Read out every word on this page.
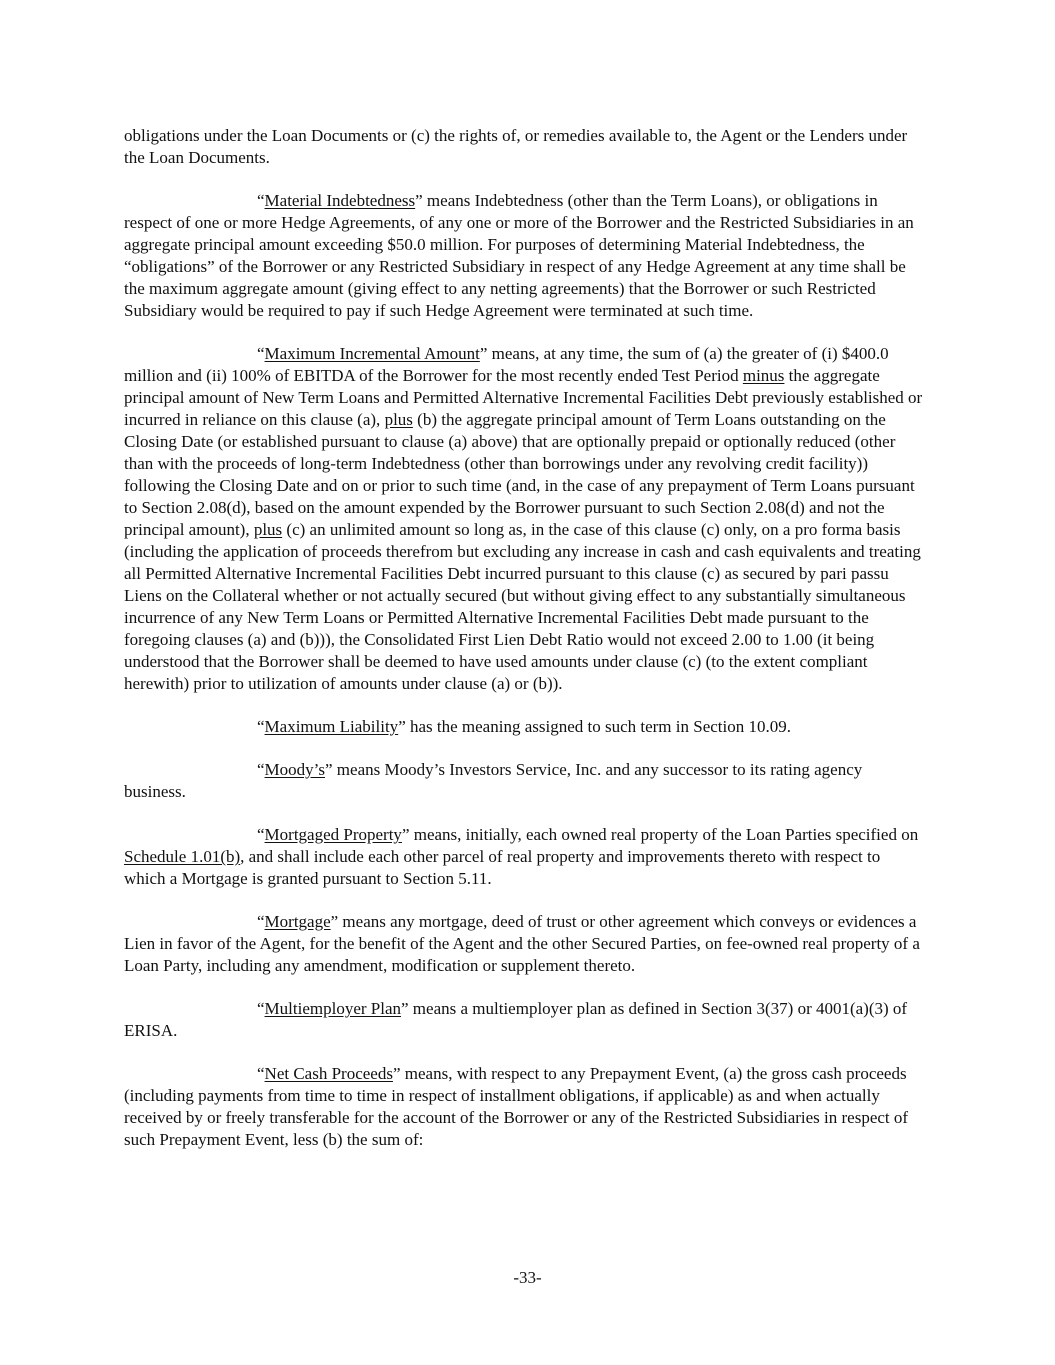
obligations under the Loan Documents or (c) the rights of, or remedies available to, the Agent or the Lenders under the Loan Documents.

“Material Indebtedness” means Indebtedness (other than the Term Loans), or obligations in respect of one or more Hedge Agreements, of any one or more of the Borrower and the Restricted Subsidiaries in an aggregate principal amount exceeding $50.0 million. For purposes of determining Material Indebtedness, the “obligations” of the Borrower or any Restricted Subsidiary in respect of any Hedge Agreement at any time shall be the maximum aggregate amount (giving effect to any netting agreements) that the Borrower or such Restricted Subsidiary would be required to pay if such Hedge Agreement were terminated at such time.

“Maximum Incremental Amount” means, at any time, the sum of (a) the greater of (i) $400.0 million and (ii) 100% of EBITDA of the Borrower for the most recently ended Test Period minus the aggregate principal amount of New Term Loans and Permitted Alternative Incremental Facilities Debt previously established or incurred in reliance on this clause (a), plus (b) the aggregate principal amount of Term Loans outstanding on the Closing Date (or established pursuant to clause (a) above) that are optionally prepaid or optionally reduced (other than with the proceeds of long-term Indebtedness (other than borrowings under any revolving credit facility)) following the Closing Date and on or prior to such time (and, in the case of any prepayment of Term Loans pursuant to Section 2.08(d), based on the amount expended by the Borrower pursuant to such Section 2.08(d) and not the principal amount), plus (c) an unlimited amount so long as, in the case of this clause (c) only, on a pro forma basis (including the application of proceeds therefrom but excluding any increase in cash and cash equivalents and treating all Permitted Alternative Incremental Facilities Debt incurred pursuant to this clause (c) as secured by pari passu Liens on the Collateral whether or not actually secured (but without giving effect to any substantially simultaneous incurrence of any New Term Loans or Permitted Alternative Incremental Facilities Debt made pursuant to the foregoing clauses (a) and (b))), the Consolidated First Lien Debt Ratio would not exceed 2.00 to 1.00 (it being understood that the Borrower shall be deemed to have used amounts under clause (c) (to the extent compliant herewith) prior to utilization of amounts under clause (a) or (b)).

“Maximum Liability” has the meaning assigned to such term in Section 10.09.

“Moody’s” means Moody’s Investors Service, Inc. and any successor to its rating agency business.

“Mortgaged Property” means, initially, each owned real property of the Loan Parties specified on Schedule 1.01(b), and shall include each other parcel of real property and improvements thereto with respect to which a Mortgage is granted pursuant to Section 5.11.

“Mortgage” means any mortgage, deed of trust or other agreement which conveys or evidences a Lien in favor of the Agent, for the benefit of the Agent and the other Secured Parties, on fee-owned real property of a Loan Party, including any amendment, modification or supplement thereto.

“Multiemployer Plan” means a multiemployer plan as defined in Section 3(37) or 4001(a)(3) of ERISA.

“Net Cash Proceeds” means, with respect to any Prepayment Event, (a) the gross cash proceeds (including payments from time to time in respect of installment obligations, if applicable) as and when actually received by or freely transferable for the account of the Borrower or any of the Restricted Subsidiaries in respect of such Prepayment Event, less (b) the sum of:

-33-
